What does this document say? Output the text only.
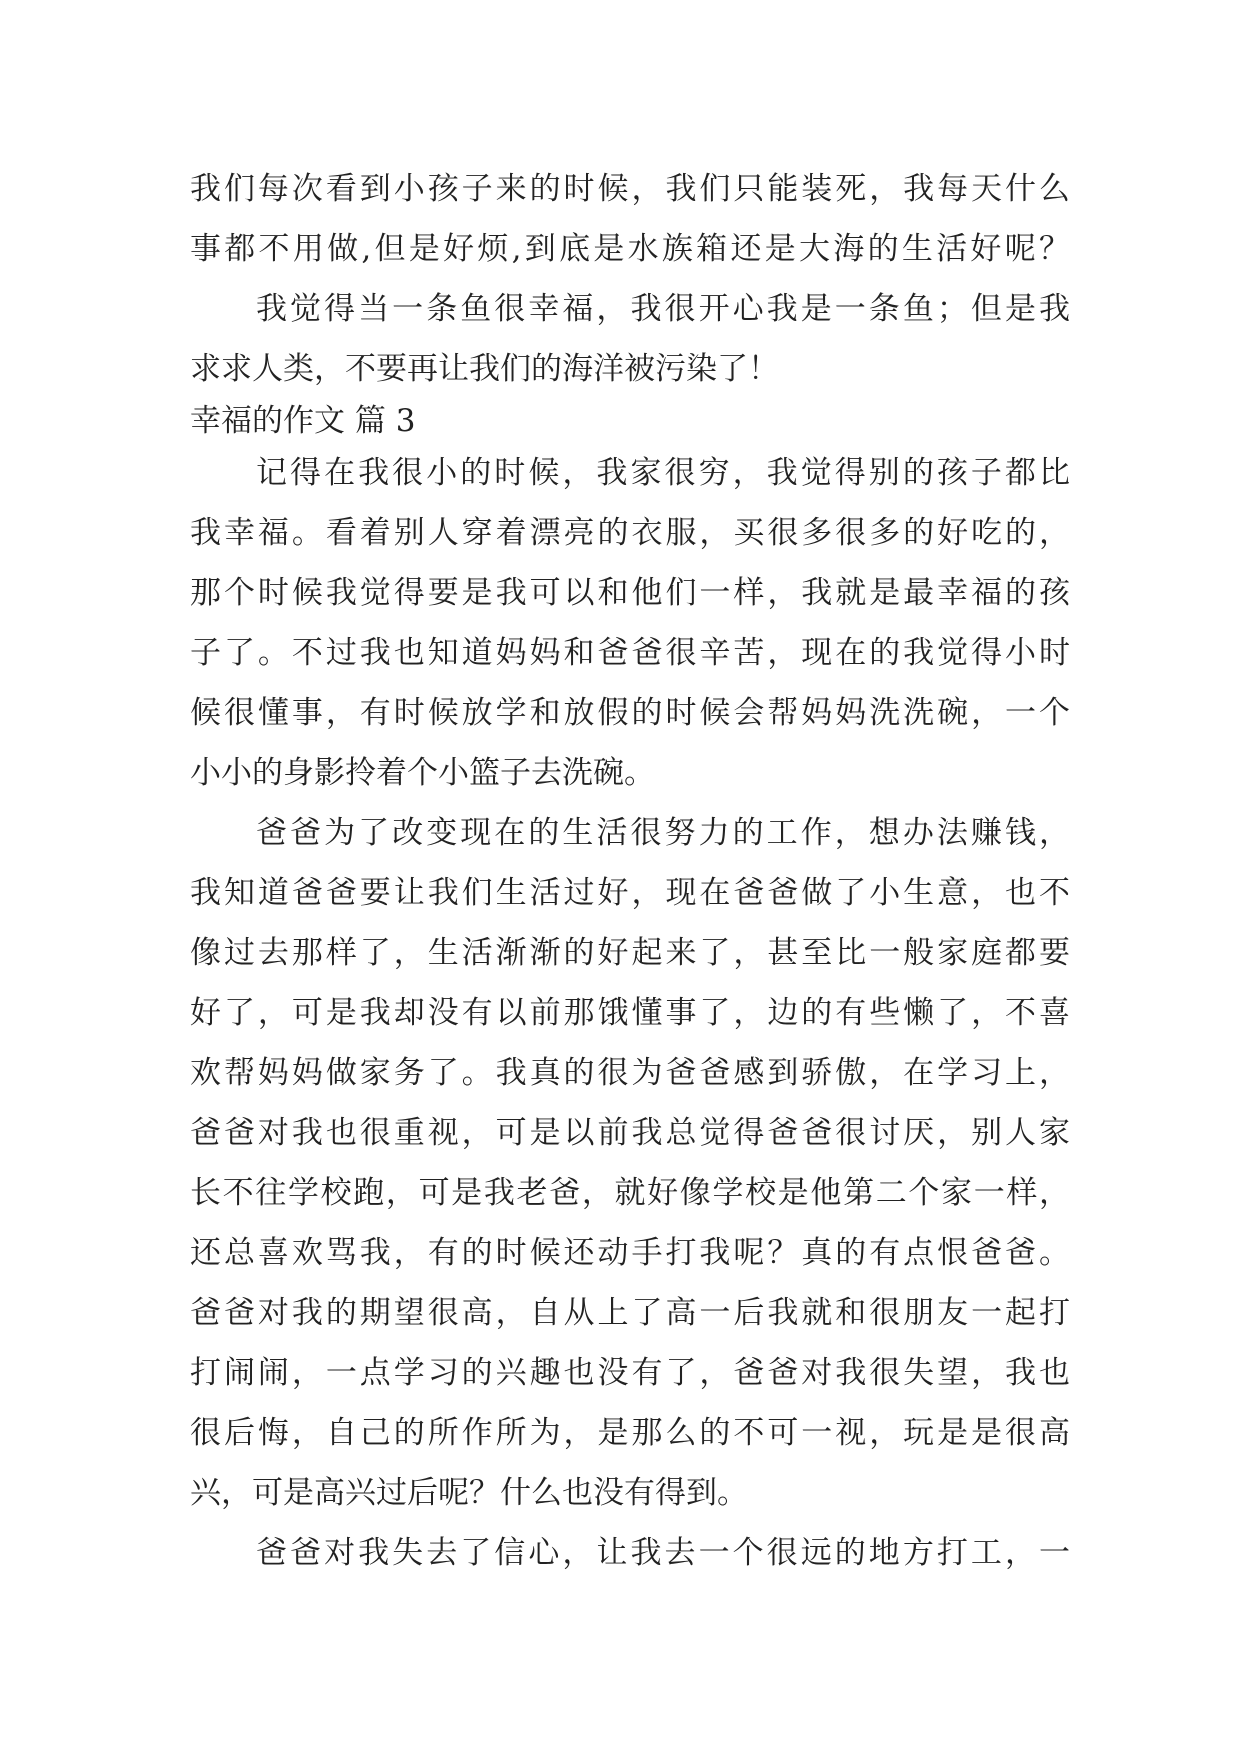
我们每次看到小孩子来的时候，我们只能装死，我每天什么
事都不用做,但是好烦,到底是水族箱还是大海的生活好呢？
我觉得当一条鱼很幸福，我很开心我是一条鱼；但是我
求求人类，不要再让我们的海洋被污染了！
幸福的作文 篇 3
记得在我很小的时候，我家很穷，我觉得别的孩子都比
我幸福。看着别人穿着漂亮的衣服，买很多很多的好吃的，
那个时候我觉得要是我可以和他们一样，我就是最幸福的孩
子了。不过我也知道妈妈和爸爸很辛苦，现在的我觉得小时
候很懂事，有时候放学和放假的时候会帮妈妈洗洗碗，一个
小小的身影拎着个小篮子去洗碗。
爸爸为了改变现在的生活很努力的工作，想办法赚钱，
我知道爸爸要让我们生活过好，现在爸爸做了小生意，也不
像过去那样了，生活渐渐的好起来了，甚至比一般家庭都要
好了，可是我却没有以前那饿懂事了，边的有些懒了，不喜
欢帮妈妈做家务了。我真的很为爸爸感到骄傲，在学习上，
爸爸对我也很重视，可是以前我总觉得爸爸很讨厌，别人家
长不往学校跑，可是我老爸，就好像学校是他第二个家一样，
还总喜欢骂我，有的时候还动手打我呢？真的有点恨爸爸。
爸爸对我的期望很高，自从上了高一后我就和很朋友一起打
打闹闹，一点学习的兴趣也没有了，爸爸对我很失望，我也
很后悔，自己的所作所为，是那么的不可一视，玩是是很高
兴，可是高兴过后呢？什么也没有得到。
爸爸对我失去了信心，让我去一个很远的地方打工，一
